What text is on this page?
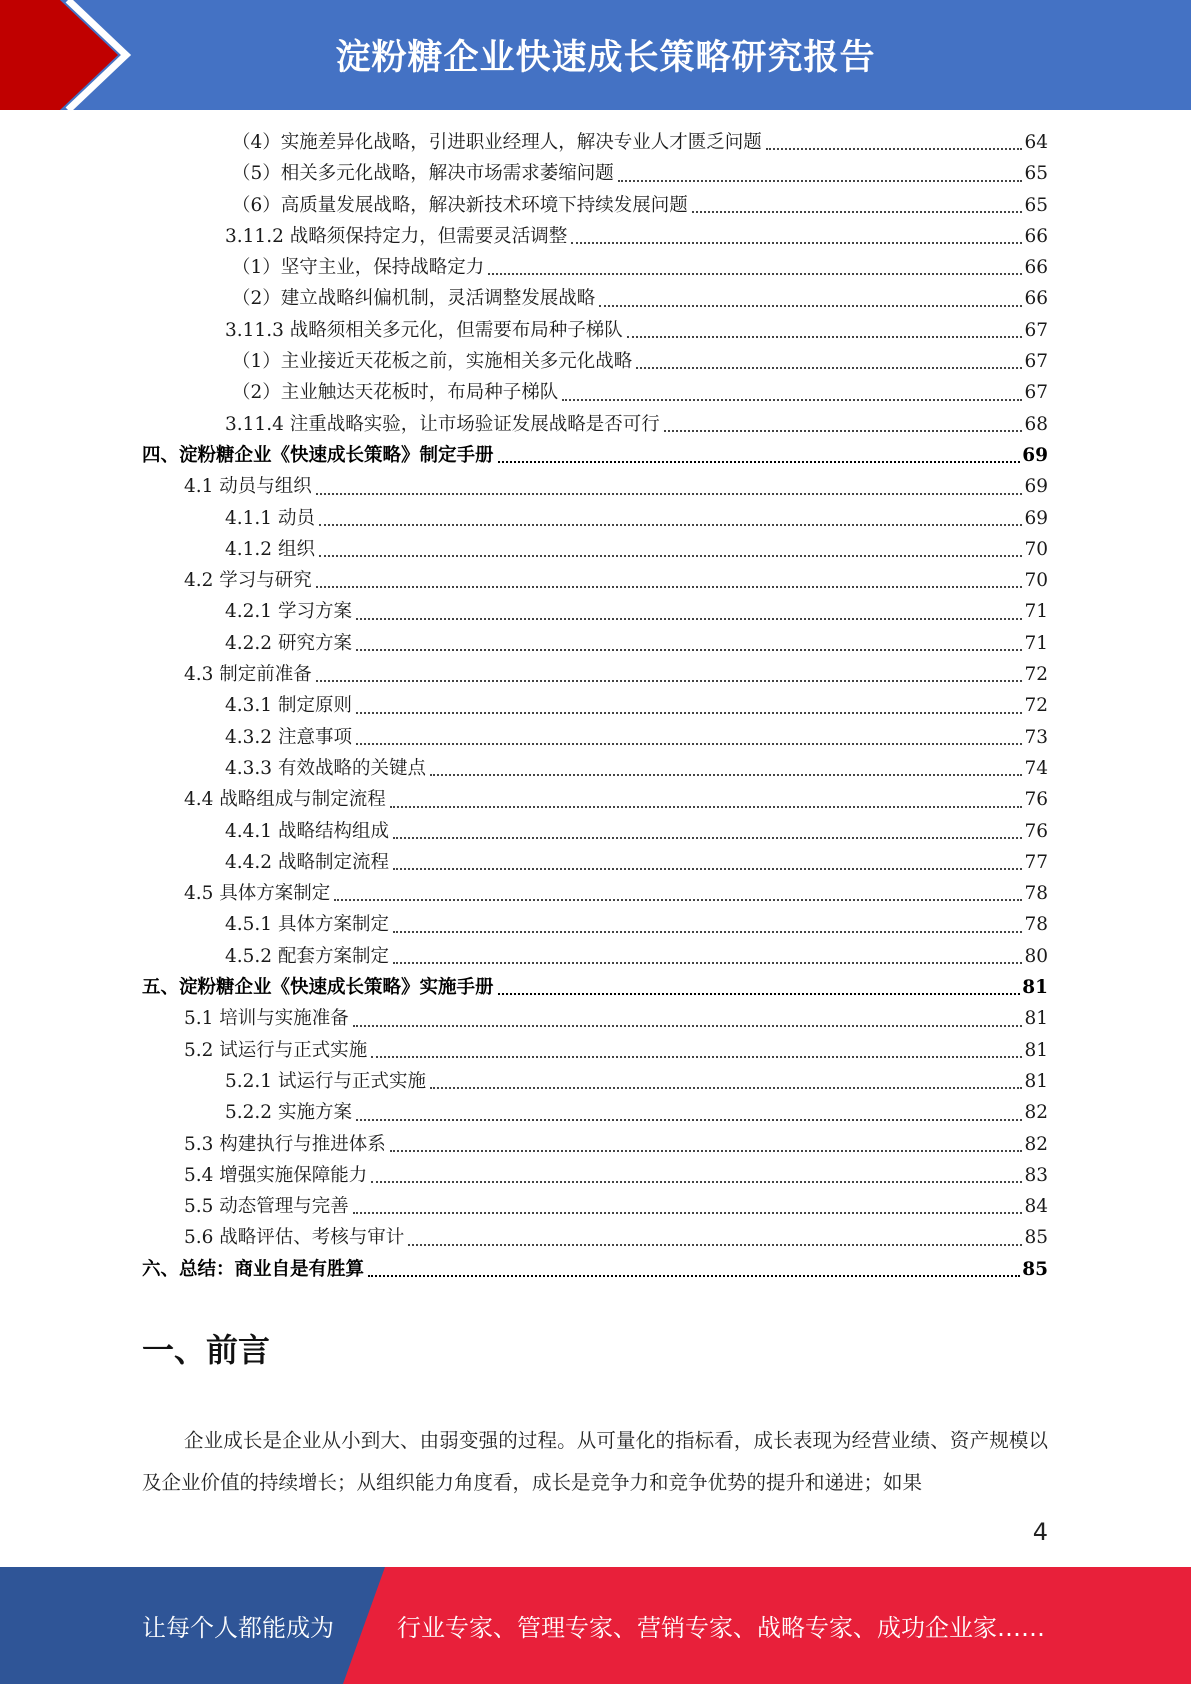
淀粉糖企业快速成长策略研究报告
（4）实施差异化战略，引进职业经理人，解决专业人才匮乏问题	64
（5）相关多元化战略，解决市场需求萎缩问题	65
（6）高质量发展战略，解决新技术环境下持续发展问题	65
3.11.2 战略须保持定力，但需要灵活调整	66
（1）坚守主业，保持战略定力	66
（2）建立战略纠偏机制，灵活调整发展战略	66
3.11.3 战略须相关多元化，但需要布局种子梯队	67
（1）主业接近天花板之前，实施相关多元化战略	67
（2）主业触达天花板时，布局种子梯队	67
3.11.4 注重战略实验，让市场验证发展战略是否可行	68
四、淀粉糖企业《快速成长策略》制定手册	69
4.1 动员与组织	69
4.1.1 动员	69
4.1.2 组织	70
4.2 学习与研究	70
4.2.1 学习方案	71
4.2.2 研究方案	71
4.3 制定前准备	72
4.3.1 制定原则	72
4.3.2 注意事项	73
4.3.3 有效战略的关键点	74
4.4 战略组成与制定流程	76
4.4.1 战略结构组成	76
4.4.2 战略制定流程	77
4.5 具体方案制定	78
4.5.1 具体方案制定	78
4.5.2 配套方案制定	80
五、淀粉糖企业《快速成长策略》实施手册	81
5.1 培训与实施准备	81
5.2 试运行与正式实施	81
5.2.1 试运行与正式实施	81
5.2.2 实施方案	82
5.3 构建执行与推进体系	82
5.4 增强实施保障能力	83
5.5 动态管理与完善	84
5.6 战略评估、考核与审计	85
六、总结：商业自是有胜算	85
一、前言
企业成长是企业从小到大、由弱变强的过程。从可量化的指标看，成长表现为经营业绩、资产规模以及企业价值的持续增长；从组织能力角度看，成长是竞争力和竞争优势的提升和递进；如果
4
让每个人都能成为	行业专家、管理专家、营销专家、战略专家、成功企业家……
